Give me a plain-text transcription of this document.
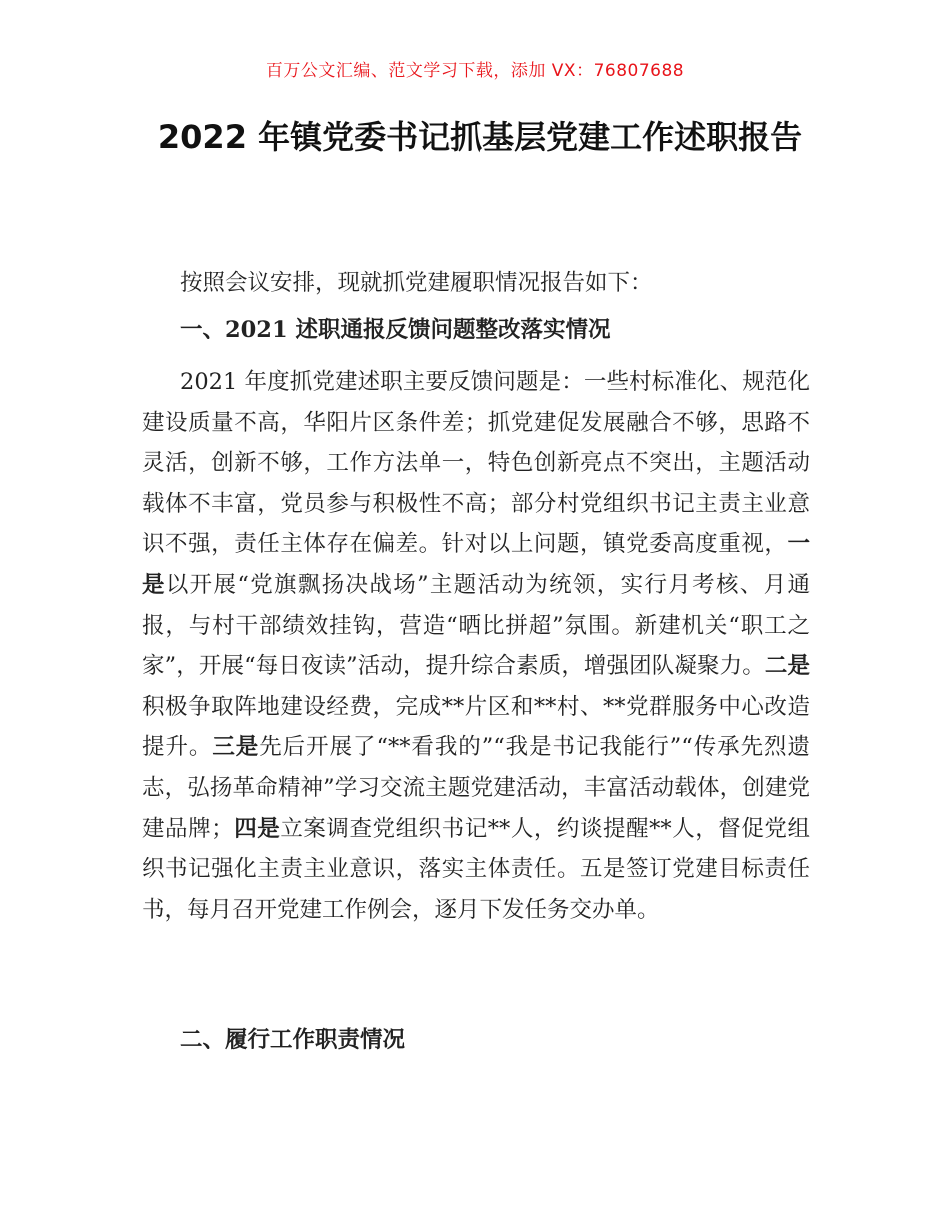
百万公文汇编、范文学习下载，添加 VX：76807688
2022 年镇党委书记抓基层党建工作述职报告
按照会议安排，现就抓党建履职情况报告如下：
一、2021 述职通报反馈问题整改落实情况
2021 年度抓党建述职主要反馈问题是：一些村标准化、规范化建设质量不高，华阳片区条件差；抓党建促发展融合不够，思路不灵活，创新不够，工作方法单一，特色创新亮点不突出，主题活动载体不丰富，党员参与积极性不高；部分村党组织书记主责主业意识不强，责任主体存在偏差。针对以上问题，镇党委高度重视，一是以开展“党旗飘扬决战场”主题活动为统领，实行月考核、月通报，与村干部绩效挂钩，营造“晒比拼超”氛围。新建机关“职工之家”，开展“每日夜读”活动，提升综合素质，增强团队凝聚力。二是积极争取阵地建设经费，完成**片区和**村、**党群服务中心改造提升。三是先后开展了“**看我的”“我是书记我能行”“传承先烈遗志，弘扬革命精神”学习交流主题党建活动，丰富活动载体，创建党建品牌；四是立案调查党组织书记**人，约谈提醒**人，督促党组织书记强化主责主业意识，落实主体责任。五是签订党建目标责任书，每月召开党建工作例会，逐月下发任务交办单。
二、履行工作职责情况
